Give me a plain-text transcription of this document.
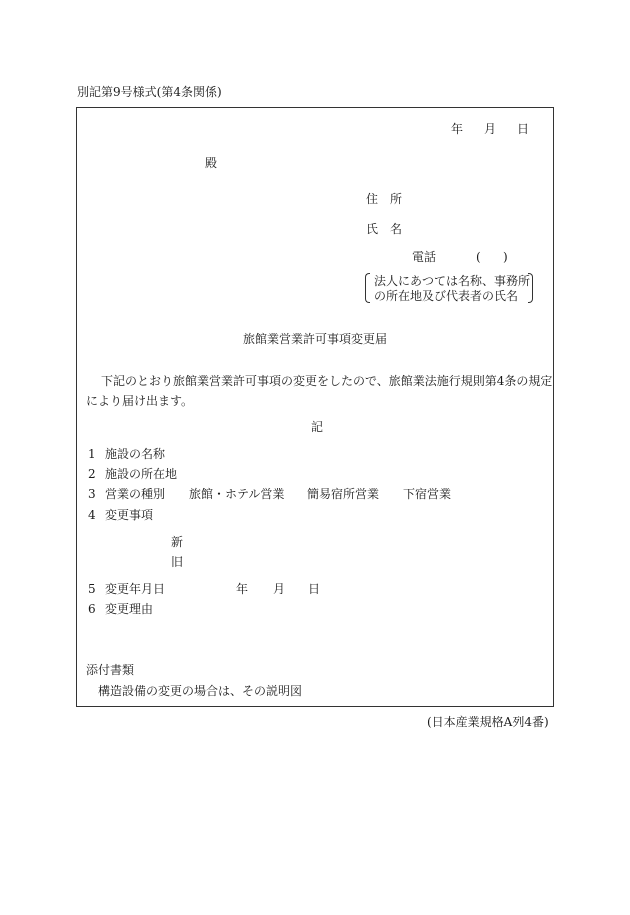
別記第9号様式(第4条関係)
年 月 日
殿
住　所
氏　名
電話	( )
法人にあつては名称、事務所
の所在地及び代表者の氏名
旅館業営業許可事項変更届
下記のとおり旅館業営業許可事項の変更をしたので、旅館業法施行規則第4条の規定
により届け出ます。
記
1 施設の名称
2 施設の所在地
3 営業の種別 旅館・ホテル営業 簡易宿所営業 下宿営業
4 変更事項
新
旧
5 変更年月日	年 月 日
6 変更理由
添付書類
構造設備の変更の場合は、その説明図
(日本産業規格A列4番)
